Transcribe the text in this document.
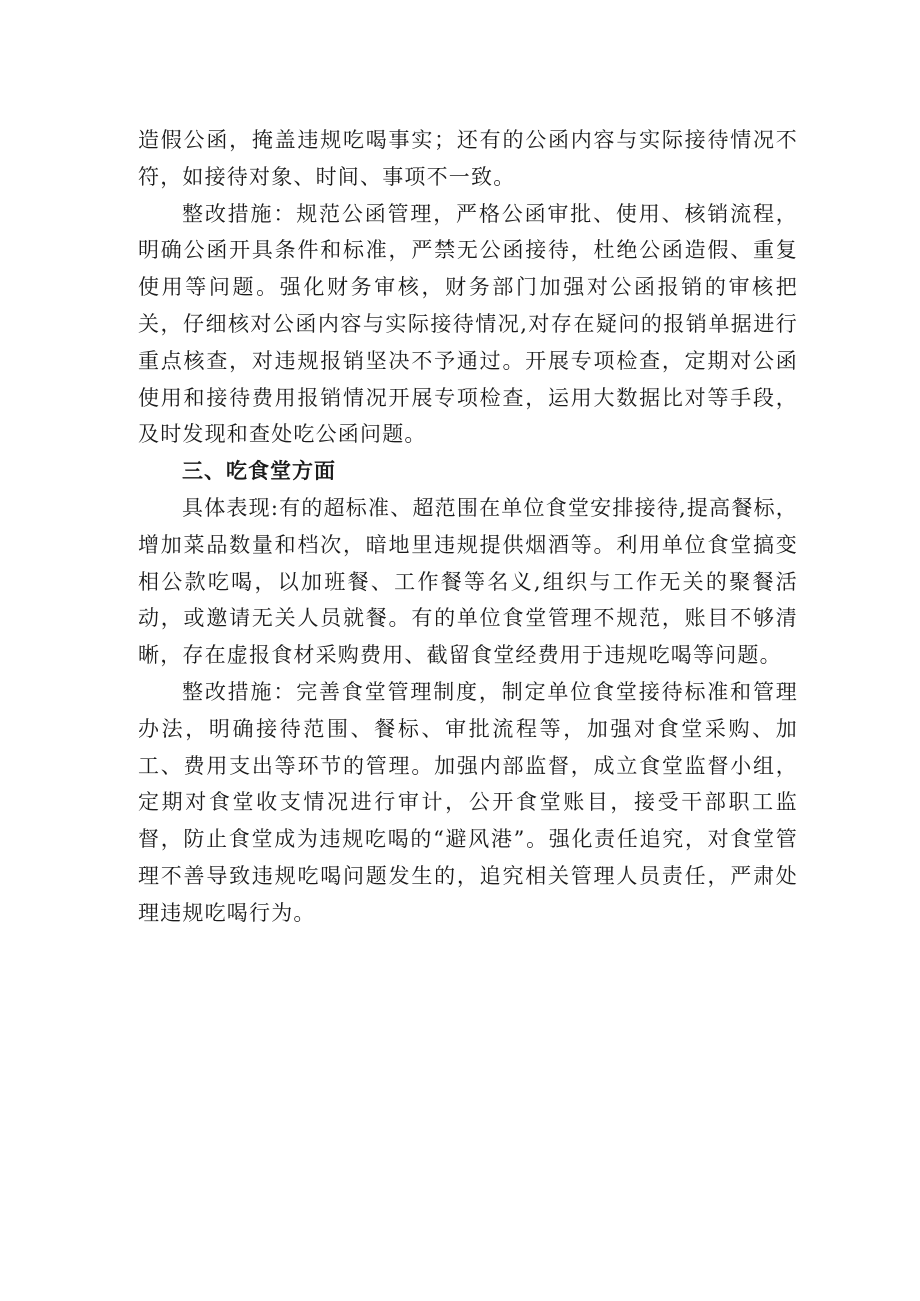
造假公函，掩盖违规吃喝事实；还有的公函内容与实际接待情况不符，如接待对象、时间、事项不一致。

整改措施：规范公函管理，严格公函审批、使用、核销流程，明确公函开具条件和标准，严禁无公函接待，杜绝公函造假、重复使用等问题。强化财务审核，财务部门加强对公函报销的审核把关，仔细核对公函内容与实际接待情况,对存在疑问的报销单据进行重点核查，对违规报销坚决不予通过。开展专项检查，定期对公函使用和接待费用报销情况开展专项检查，运用大数据比对等手段，及时发现和查处吃公函问题。

三、吃食堂方面

具体表现:有的超标准、超范围在单位食堂安排接待,提高餐标，增加菜品数量和档次，暗地里违规提供烟酒等。利用单位食堂搞变相公款吃喝，以加班餐、工作餐等名义,组织与工作无关的聚餐活动，或邀请无关人员就餐。有的单位食堂管理不规范，账目不够清晰，存在虚报食材采购费用、截留食堂经费用于违规吃喝等问题。

整改措施：完善食堂管理制度，制定单位食堂接待标准和管理办法，明确接待范围、餐标、审批流程等，加强对食堂采购、加工、费用支出等环节的管理。加强内部监督，成立食堂监督小组，定期对食堂收支情况进行审计，公开食堂账目，接受干部职工监督，防止食堂成为违规吃喝的“避风港”。强化责任追究，对食堂管理不善导致违规吃喝问题发生的，追究相关管理人员责任，严肃处理违规吃喝行为。
